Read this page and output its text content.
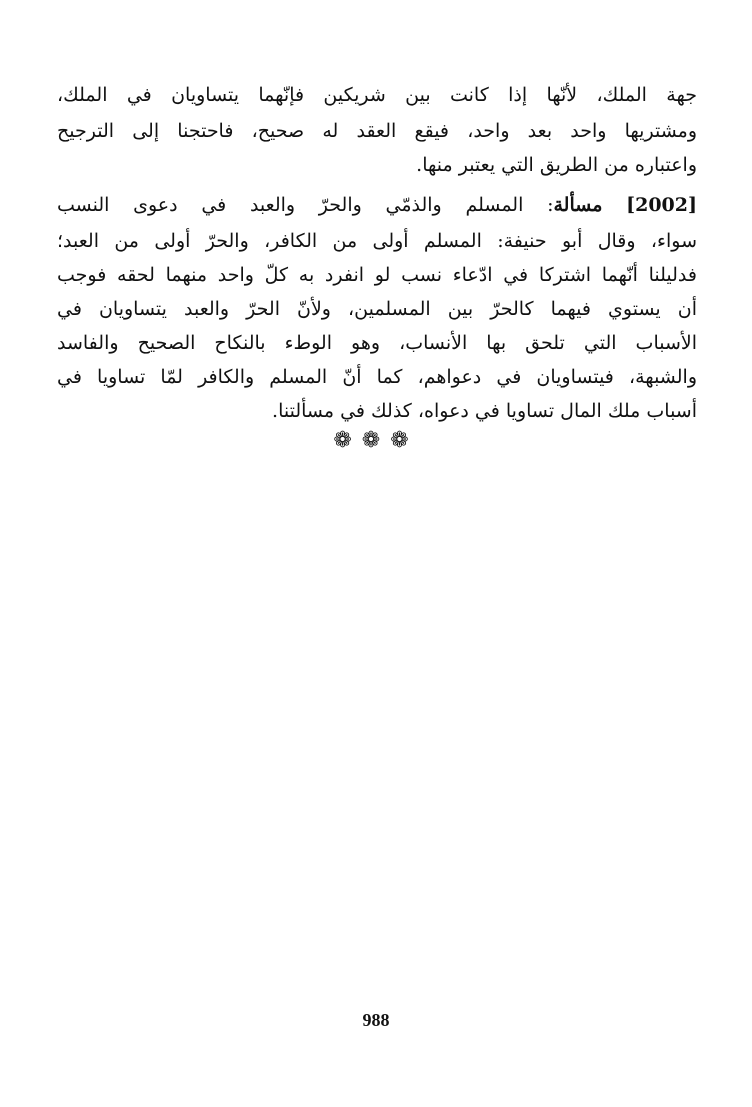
جهة الملك، لأنّها إذا كانت بين شريكين فإنّهما يتساويان في الملك،
ومشتريها واحد بعد واحد، فيقع العقد له صحيح، فاحتجنا إلى الترجيح
واعتباره من الطريق التي يعتبر منها.
[2002] مسألة: المسلم والذمّي والحرّ والعبد في دعوى النسب
سواء، وقال أبو حنيفة: المسلم أولى من الكافر، والحرّ أولى من العبد؛
فدليلنا أنّهما اشتركا في ادّعاء نسب لو انفرد به كلّ واحد منهما لحقه فوجب
أن يستوي فيهما كالحرّ بين المسلمين، ولأنّ الحرّ والعبد يتساويان في
الأسباب التي تلحق بها الأنساب، وهو الوطء بالنكاح الصحيح والفاسد
والشبهة، فيتساويان في دعواهم، كما أنّ المسلم والكافر لمّا تساويا في
أسباب ملك المال تساويا في دعواه، كذلك في مسألتنا.
❁❁❁
988
